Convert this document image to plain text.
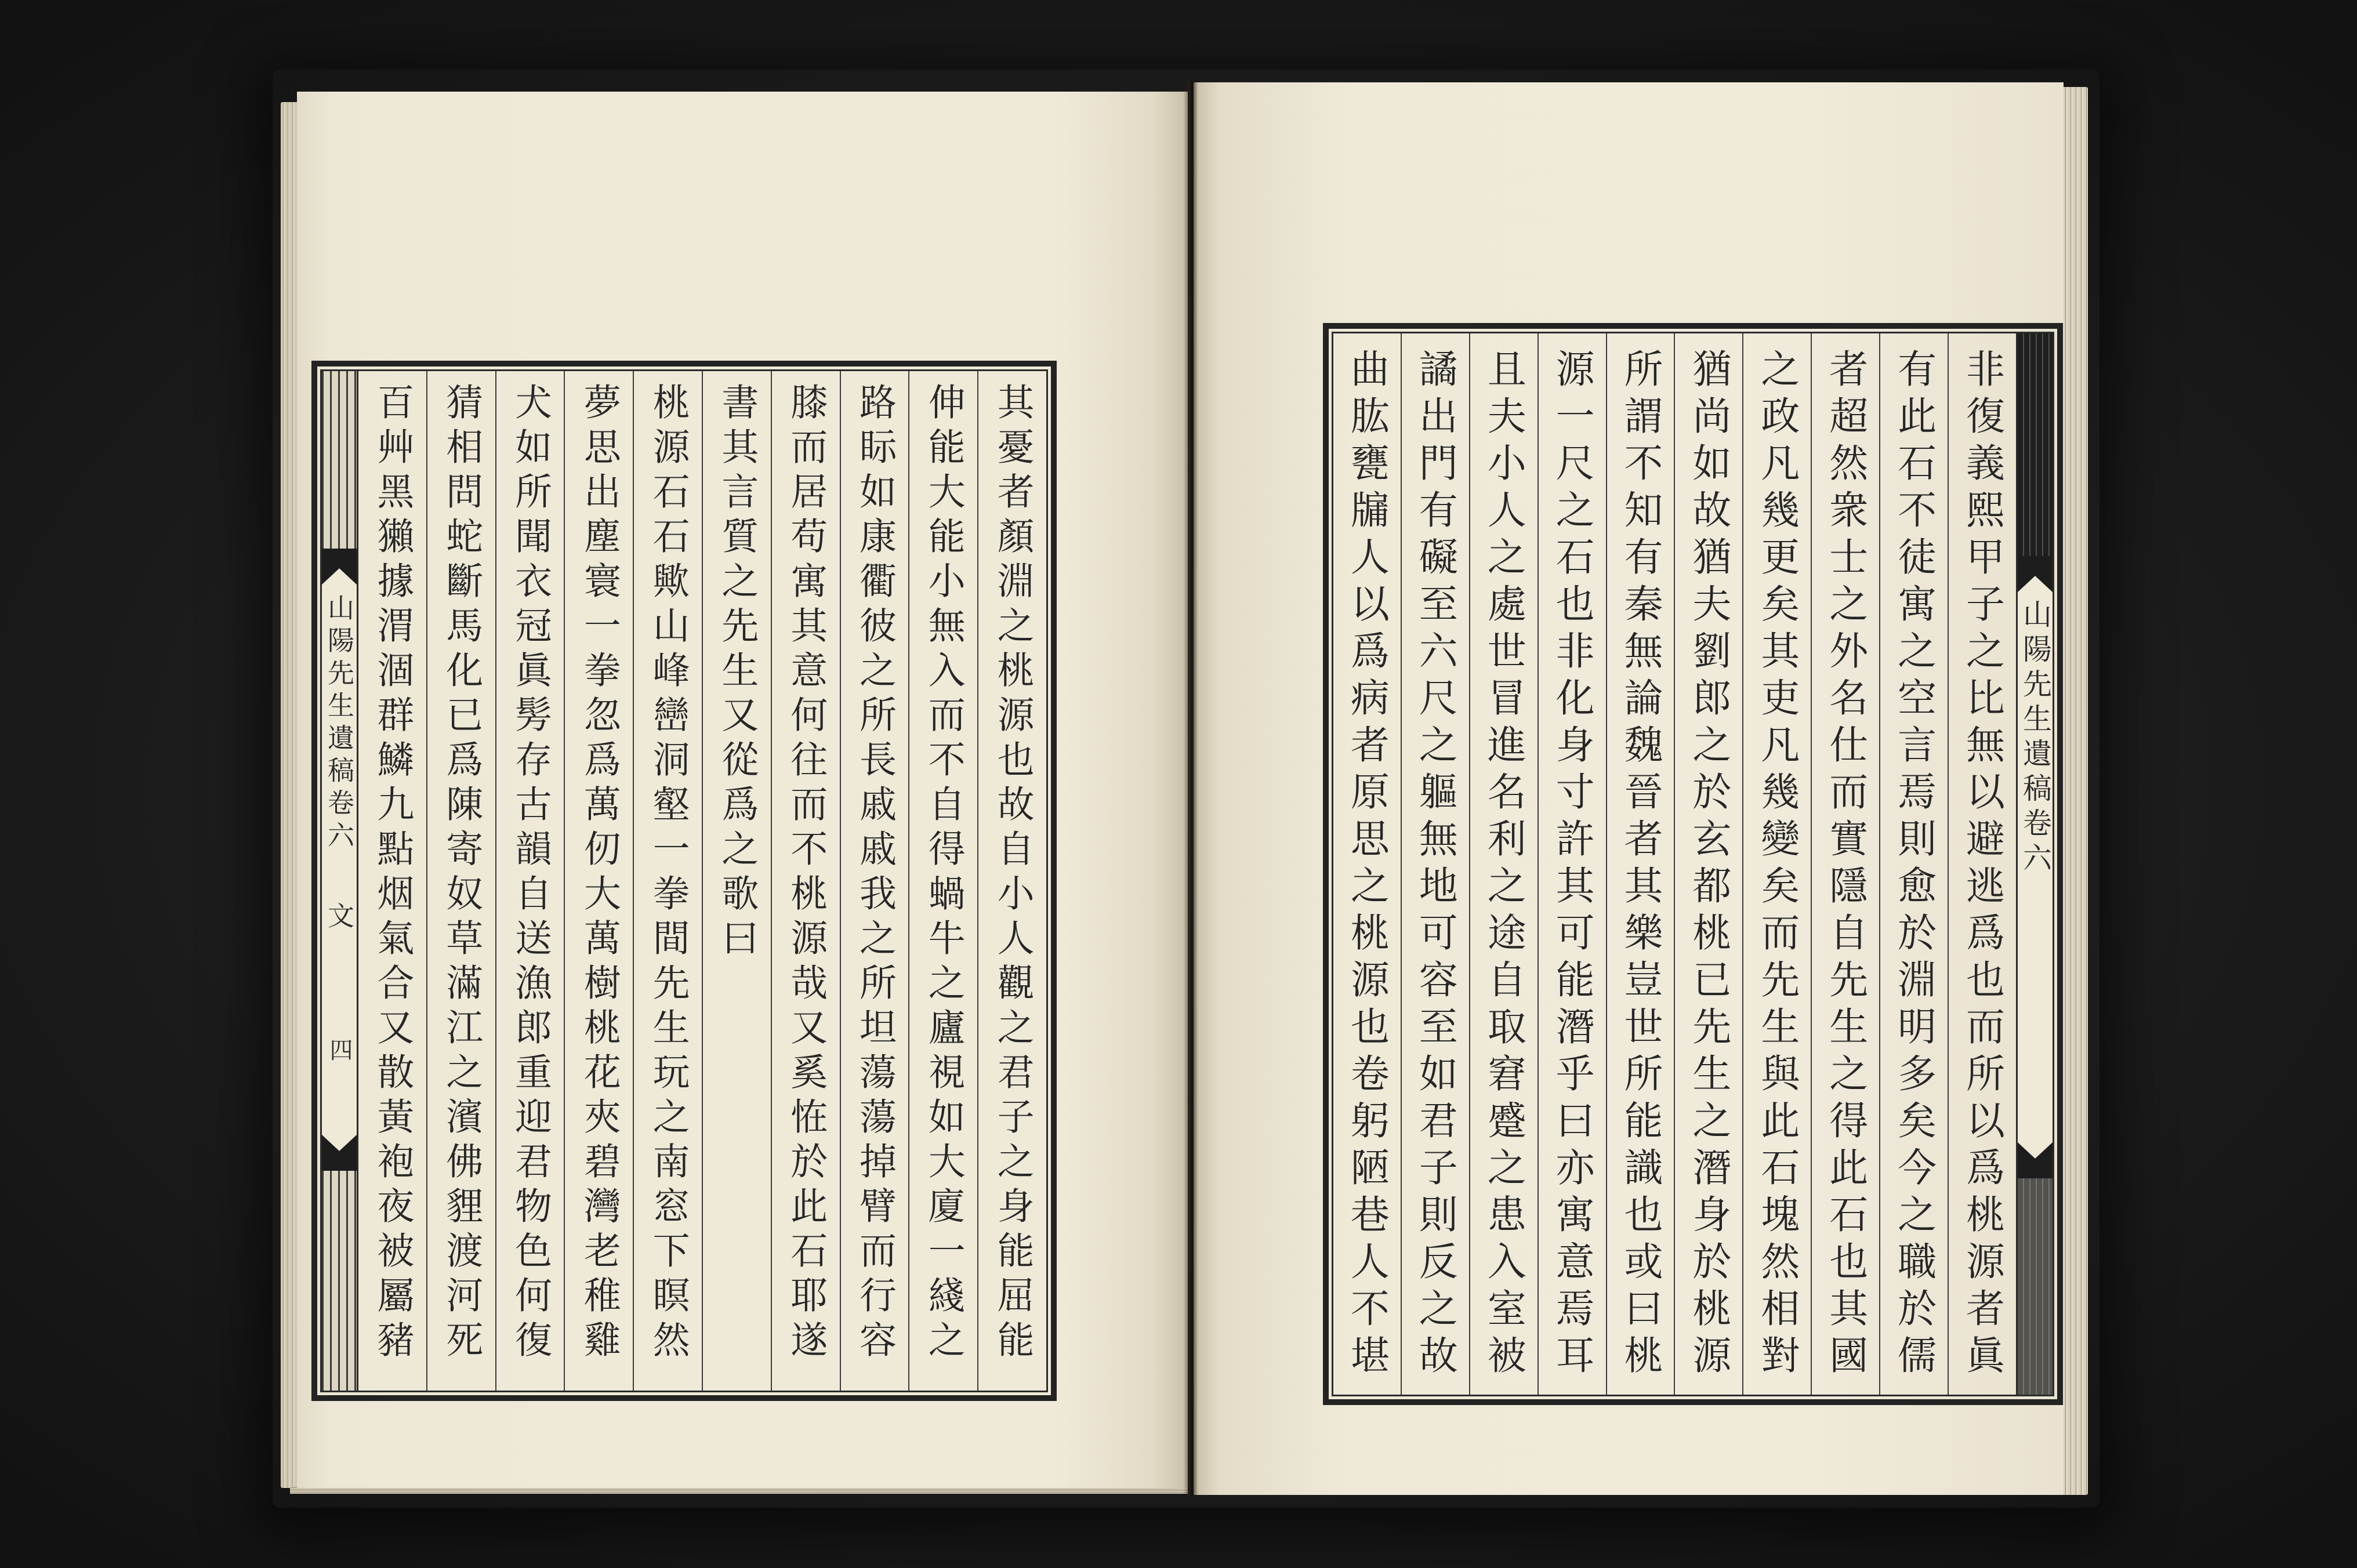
山陽先生遺稿卷六
文
四	其憂者顏淵之桃源也故自小人觀之君子之身能屈能
伸能大能小無入而不自得蝸牛之廬視如大廈一綫之
路眎如康衢彼之所長戚戚我之所坦蕩蕩掉臂而行容
膝而居苟寓其意何往而不桃源哉又奚恠於此石耶遂
書其言質之先生又從爲之歌曰
桃源石石歟山峰巒洞壑一拳間先生玩之南窓下瞑然
夢思出塵寰一拳忽爲萬仞大萬樹桃花夾碧灣老稚雞
犬如所聞衣冠眞髣存古韻自送漁郎重迎君物色何復
猜相問蛇斷馬化已爲陳寄奴草滿江之濱佛貍渡河死
百艸黑獺據渭涸群鱗九點烟氣合又散黃袍夜被屬豬	山陽先生遺稿卷六
非復義熙甲子之比無以避逃爲也而所以爲桃源者眞
有此石不徒寓之空言焉則愈於淵明多矣今之職於儒
者超然衆士之外名仕而實隱自先生之得此石也其國
之政凡幾更矣其吏凡幾變矣而先生與此石塊然相對
猶尚如故猶夫劉郎之於玄都桃已先生之潛身於桃源
所謂不知有秦無論魏晉者其樂豈世所能識也或曰桃
源一尺之石也非化身寸許其可能潛乎曰亦寓意焉耳
且夫小人之處世冒進名利之途自取窘蹙之患入室被
譎出門有礙至六尺之軀無地可容至如君子則反之故
曲肱甕牖人以爲病者原思之桃源也卷躬陋巷人不堪
